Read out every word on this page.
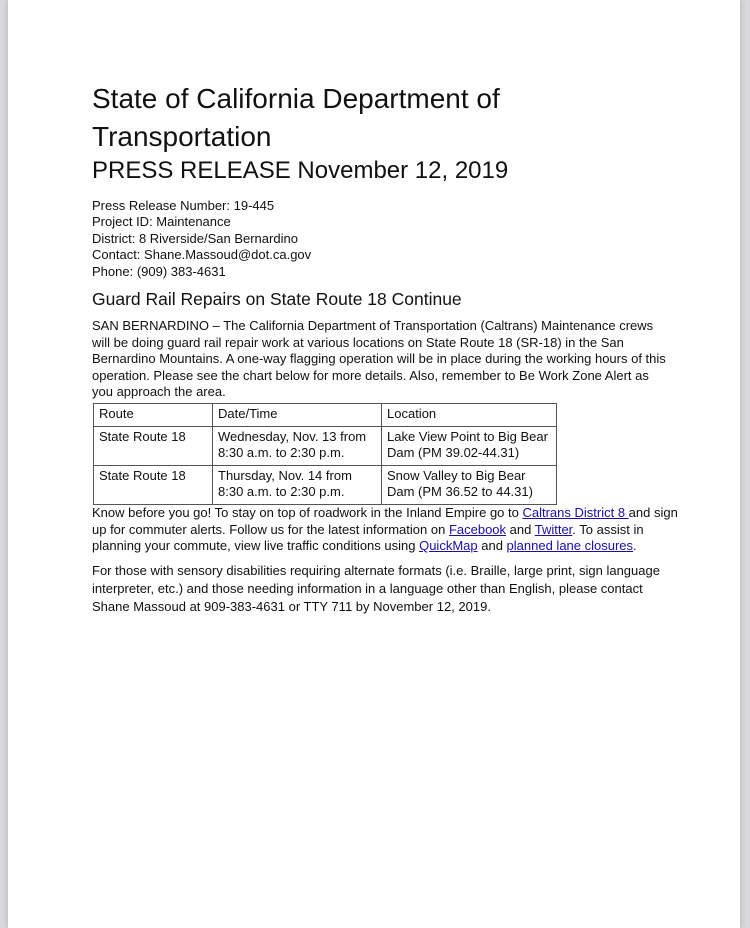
State of California Department of Transportation
PRESS RELEASE November 12, 2019
Press Release Number: 19-445
Project ID: Maintenance
District: 8 Riverside/San Bernardino
Contact: Shane.Massoud@dot.ca.gov
Phone: (909) 383-4631
Guard Rail Repairs on State Route 18 Continue

SAN BERNARDINO – The California Department of Transportation (Caltrans) Maintenance crews will be doing guard rail repair work at various locations on State Route 18 (SR-18) in the San Bernardino Mountains. A one-way flagging operation will be in place during the working hours of this operation. Please see the chart below for more details. Also, remember to Be Work Zone Alert as you approach the area.

Route	Date/Time	Location
State Route 18	Wednesday, Nov. 13 from 8:30 a.m. to 2:30 p.m.	Lake View Point to Big Bear Dam (PM 39.02-44.31)
State Route 18	Thursday, Nov. 14 from 8:30 a.m. to 2:30 p.m.	Snow Valley to Big Bear Dam (PM 36.52 to 44.31)

Know before you go! To stay on top of roadwork in the Inland Empire go to Caltrans District 8 and sign up for commuter alerts. Follow us for the latest information on Facebook and Twitter. To assist in planning your commute, view live traffic conditions using QuickMap and planned lane closures.

For those with sensory disabilities requiring alternate formats (i.e. Braille, large print, sign language interpreter, etc.) and those needing information in a language other than English, please contact Shane Massoud at 909-383-4631 or TTY 711 by November 12, 2019.
